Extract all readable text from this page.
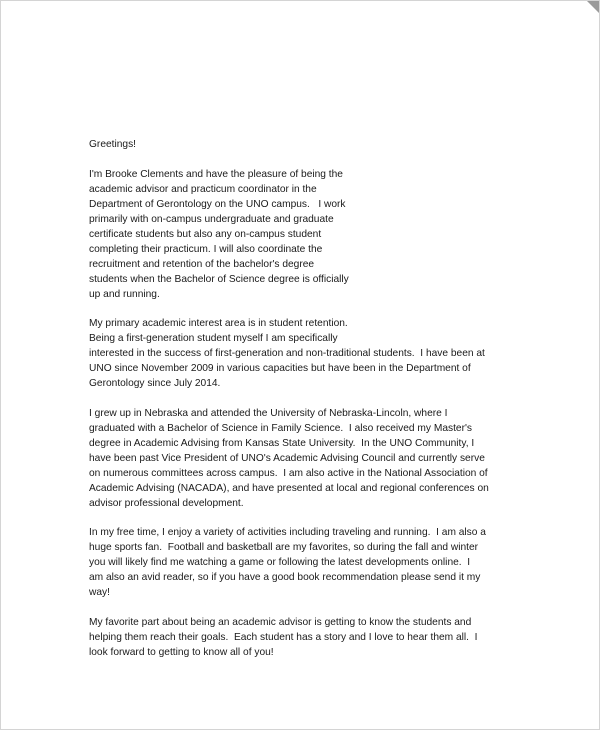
Greetings!
I'm Brooke Clements and have the pleasure of being the
academic advisor and practicum coordinator in the
Department of Gerontology on the UNO campus.   I work
primarily with on-campus undergraduate and graduate
certificate students but also any on-campus student
completing their practicum. I will also coordinate the
recruitment and retention of the bachelor's degree
students when the Bachelor of Science degree is officially
up and running.
My primary academic interest area is in student retention.
Being a first-generation student myself I am specifically
interested in the success of first-generation and non-traditional students.  I have been at
UNO since November 2009 in various capacities but have been in the Department of
Gerontology since July 2014.
I grew up in Nebraska and attended the University of Nebraska-Lincoln, where I
graduated with a Bachelor of Science in Family Science.  I also received my Master's
degree in Academic Advising from Kansas State University.  In the UNO Community, I
have been past Vice President of UNO's Academic Advising Council and currently serve
on numerous committees across campus.  I am also active in the National Association of
Academic Advising (NACADA), and have presented at local and regional conferences on
advisor professional development.
In my free time, I enjoy a variety of activities including traveling and running.  I am also a
huge sports fan.  Football and basketball are my favorites, so during the fall and winter
you will likely find me watching a game or following the latest developments online.  I
am also an avid reader, so if you have a good book recommendation please send it my
way!
My favorite part about being an academic advisor is getting to know the students and
helping them reach their goals.  Each student has a story and I love to hear them all.  I
look forward to getting to know all of you!
